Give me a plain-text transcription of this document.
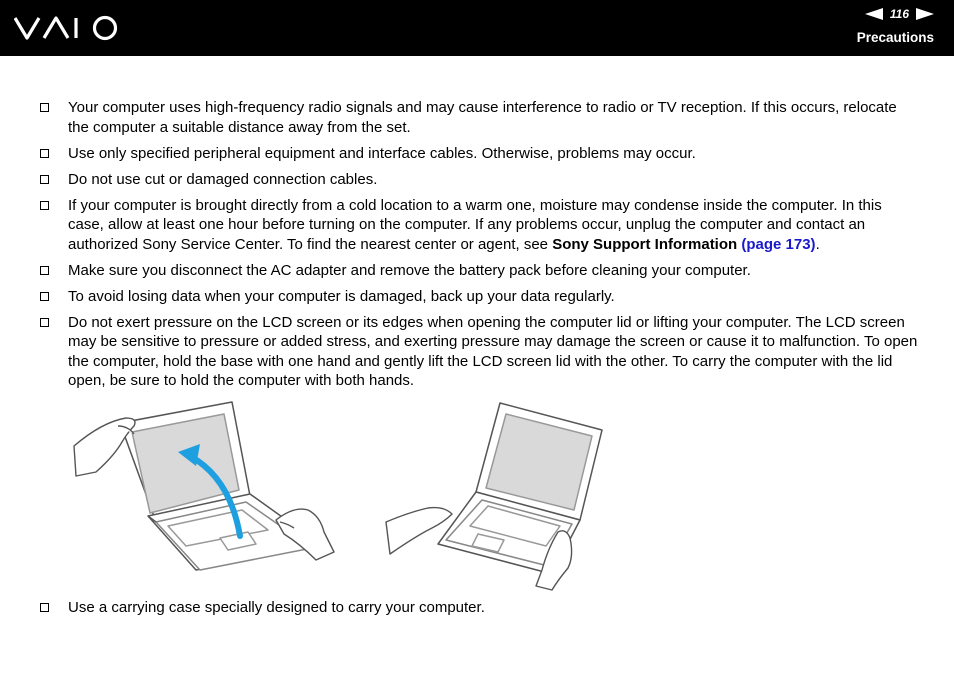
116
Precautions
Your computer uses high-frequency radio signals and may cause interference to radio or TV reception. If this occurs, relocate the computer a suitable distance away from the set.
Use only specified peripheral equipment and interface cables. Otherwise, problems may occur.
Do not use cut or damaged connection cables.
If your computer is brought directly from a cold location to a warm one, moisture may condense inside the computer. In this case, allow at least one hour before turning on the computer. If any problems occur, unplug the computer and contact an authorized Sony Service Center. To find the nearest center or agent, see Sony Support Information (page 173).
Make sure you disconnect the AC adapter and remove the battery pack before cleaning your computer.
To avoid losing data when your computer is damaged, back up your data regularly.
Do not exert pressure on the LCD screen or its edges when opening the computer lid or lifting your computer. The LCD screen may be sensitive to pressure or added stress, and exerting pressure may damage the screen or cause it to malfunction. To open the computer, hold the base with one hand and gently lift the LCD screen lid with the other. To carry the computer with the lid open, be sure to hold the computer with both hands.
Use a carrying case specially designed to carry your computer.
